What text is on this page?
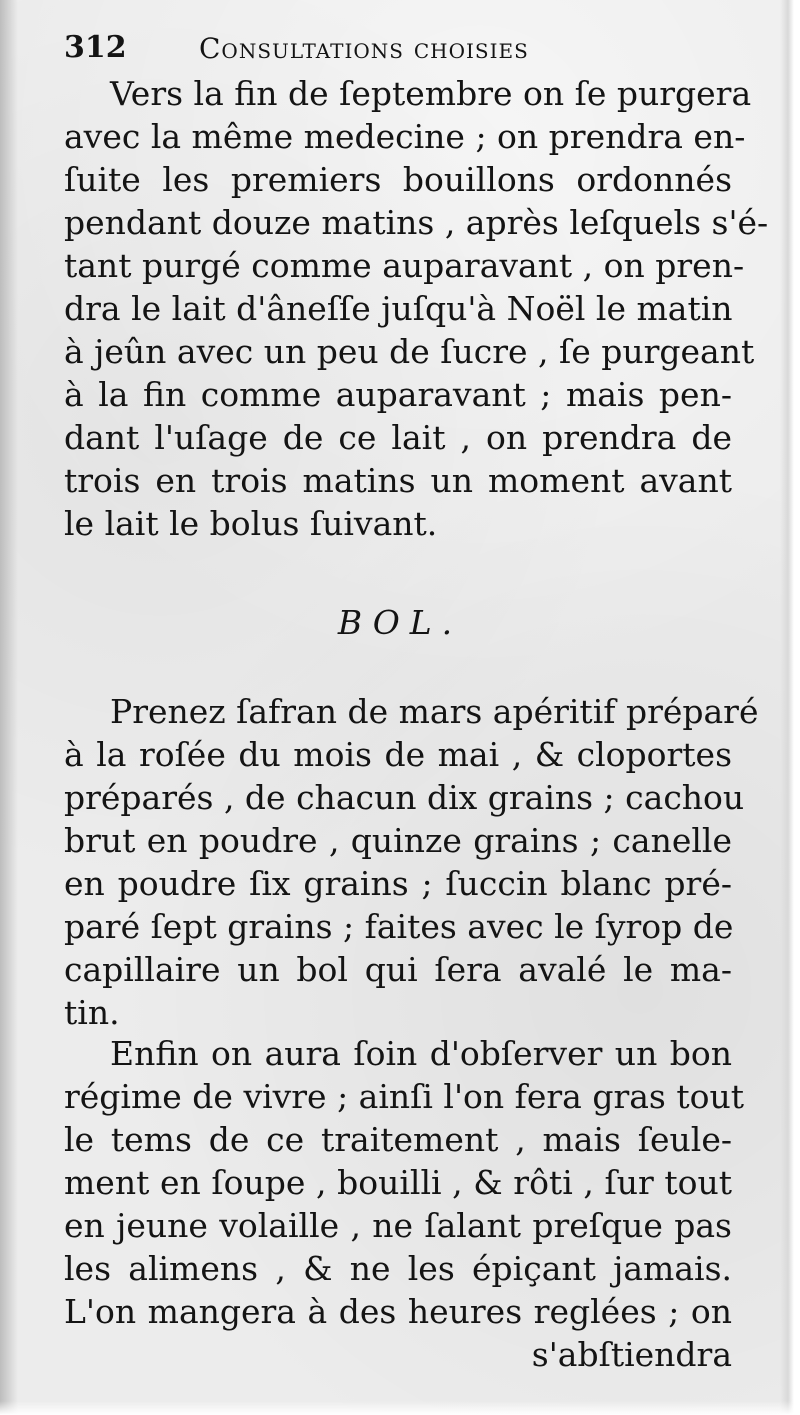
312	Consultations choisies
Vers la fin de ſeptembre on ſe purgera
avec la même medecine ; on prendra en-
ſuite les premiers bouillons ordonnés
pendant douze matins , après leſquels s'é-
tant purgé comme auparavant , on pren-
dra le lait d'âneſſe juſqu'à Noël le matin
à jeûn avec un peu de ſucre , ſe purgeant
à la fin comme auparavant ; mais pen-
dant l'uſage de ce lait , on prendra de
trois en trois matins un moment avant
le lait le bolus ſuivant.

BOL.

Prenez ſafran de mars apéritif préparé
à la roſée du mois de mai , & cloportes
préparés , de chacun dix grains ; cachou
brut en poudre , quinze grains ; canelle
en poudre ſix grains ; ſuccin blanc pré-
paré ſept grains ; faites avec le ſyrop de
capillaire un bol qui ſera avalé le ma-
tin.
Enfin on aura ſoin d'obſerver un bon
régime de vivre ; ainſi l'on fera gras tout
le tems de ce traitement , mais ſeule-
ment en ſoupe , bouilli , & rôti , ſur tout
en jeune volaille , ne ſalant preſque pas
les alimens , & ne les épiçant jamais.
L'on mangera à des heures reglées ; on
s'abſtiendra
